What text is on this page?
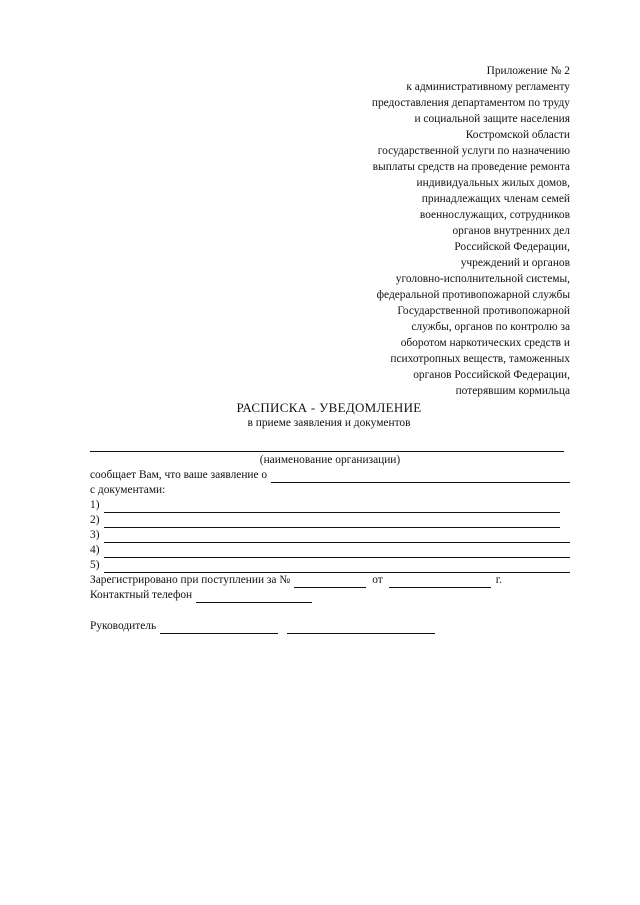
Приложение № 2
к административному регламенту
предоставления департаментом по труду
и социальной защите населения
Костромской области
государственной услуги по назначению
выплаты средств на проведение ремонта
индивидуальных жилых домов,
принадлежащих членам семей
военнослужащих, сотрудников
органов внутренних дел
Российской Федерации,
учреждений и органов
уголовно-исполнительной системы,
федеральной противопожарной службы
Государственной противопожарной
службы, органов по контролю за
оборотом наркотических средств и
психотропных веществ, таможенных
органов Российской Федерации,
потерявшим кормильца
РАСПИСКА - УВЕДОМЛЕНИЕ
в приеме заявления и документов
(наименование организации)
сообщает Вам, что ваше заявление о
с документами:
1)
2)
3)
4)
5)
Зарегистрировано при поступлении за №	от	г.
Контактный телефон
Руководитель
